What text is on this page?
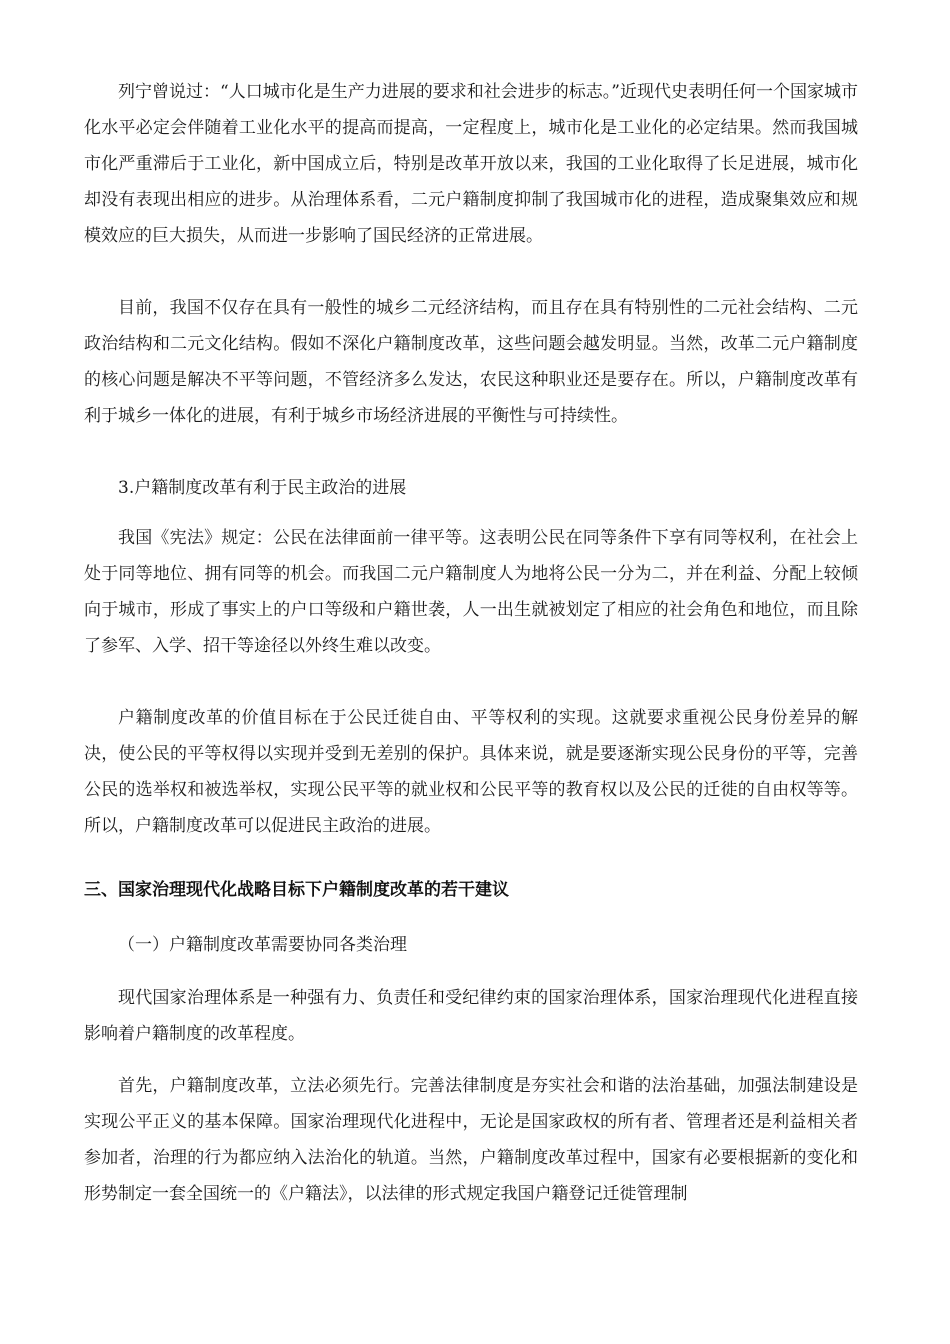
列宁曾说过：“人口城市化是生产力进展的要求和社会进步的标志。”近现代史表明任何一个国家城市化水平必定会伴随着工业化水平的提高而提高，一定程度上，城市化是工业化的必定结果。然而我国城市化严重滞后于工业化，新中国成立后，特别是改革开放以来，我国的工业化取得了长足进展，城市化却没有表现出相应的进步。从治理体系看，二元户籍制度抑制了我国城市化的进程，造成聚集效应和规模效应的巨大损失，从而进一步影响了国民经济的正常进展。

目前，我国不仅存在具有一般性的城乡二元经济结构，而且存在具有特别性的二元社会结构、二元政治结构和二元文化结构。假如不深化户籍制度改革，这些问题会越发明显。当然，改革二元户籍制度的核心问题是解决不平等问题，不管经济多么发达，农民这种职业还是要存在。所以，户籍制度改革有利于城乡一体化的进展，有利于城乡市场经济进展的平衡性与可持续性。

3.户籍制度改革有利于民主政治的进展

我国《宪法》规定：公民在法律面前一律平等。这表明公民在同等条件下享有同等权利，在社会上处于同等地位、拥有同等的机会。而我国二元户籍制度人为地将公民一分为二，并在利益、分配上较倾向于城市，形成了事实上的户口等级和户籍世袭，人一出生就被划定了相应的社会角色和地位，而且除了参军、入学、招干等途径以外终生难以改变。

户籍制度改革的价值目标在于公民迁徙自由、平等权利的实现。这就要求重视公民身份差异的解决，使公民的平等权得以实现并受到无差别的保护。具体来说，就是要逐渐实现公民身份的平等，完善公民的选举权和被选举权，实现公民平等的就业权和公民平等的教育权以及公民的迁徙的自由权等等。所以，户籍制度改革可以促进民主政治的进展。

三、国家治理现代化战略目标下户籍制度改革的若干建议

（一）户籍制度改革需要协同各类治理

现代国家治理体系是一种强有力、负责任和受纪律约束的国家治理体系，国家治理现代化进程直接影响着户籍制度的改革程度。

首先，户籍制度改革，立法必须先行。完善法律制度是夯实社会和谐的法治基础，加强法制建设是实现公平正义的基本保障。国家治理现代化进程中，无论是国家政权的所有者、管理者还是利益相关者参加者，治理的行为都应纳入法治化的轨道。当然，户籍制度改革过程中，国家有必要根据新的变化和形势制定一套全国统一的《户籍法》，以法律的形式规定我国户籍登记迁徙管理制
